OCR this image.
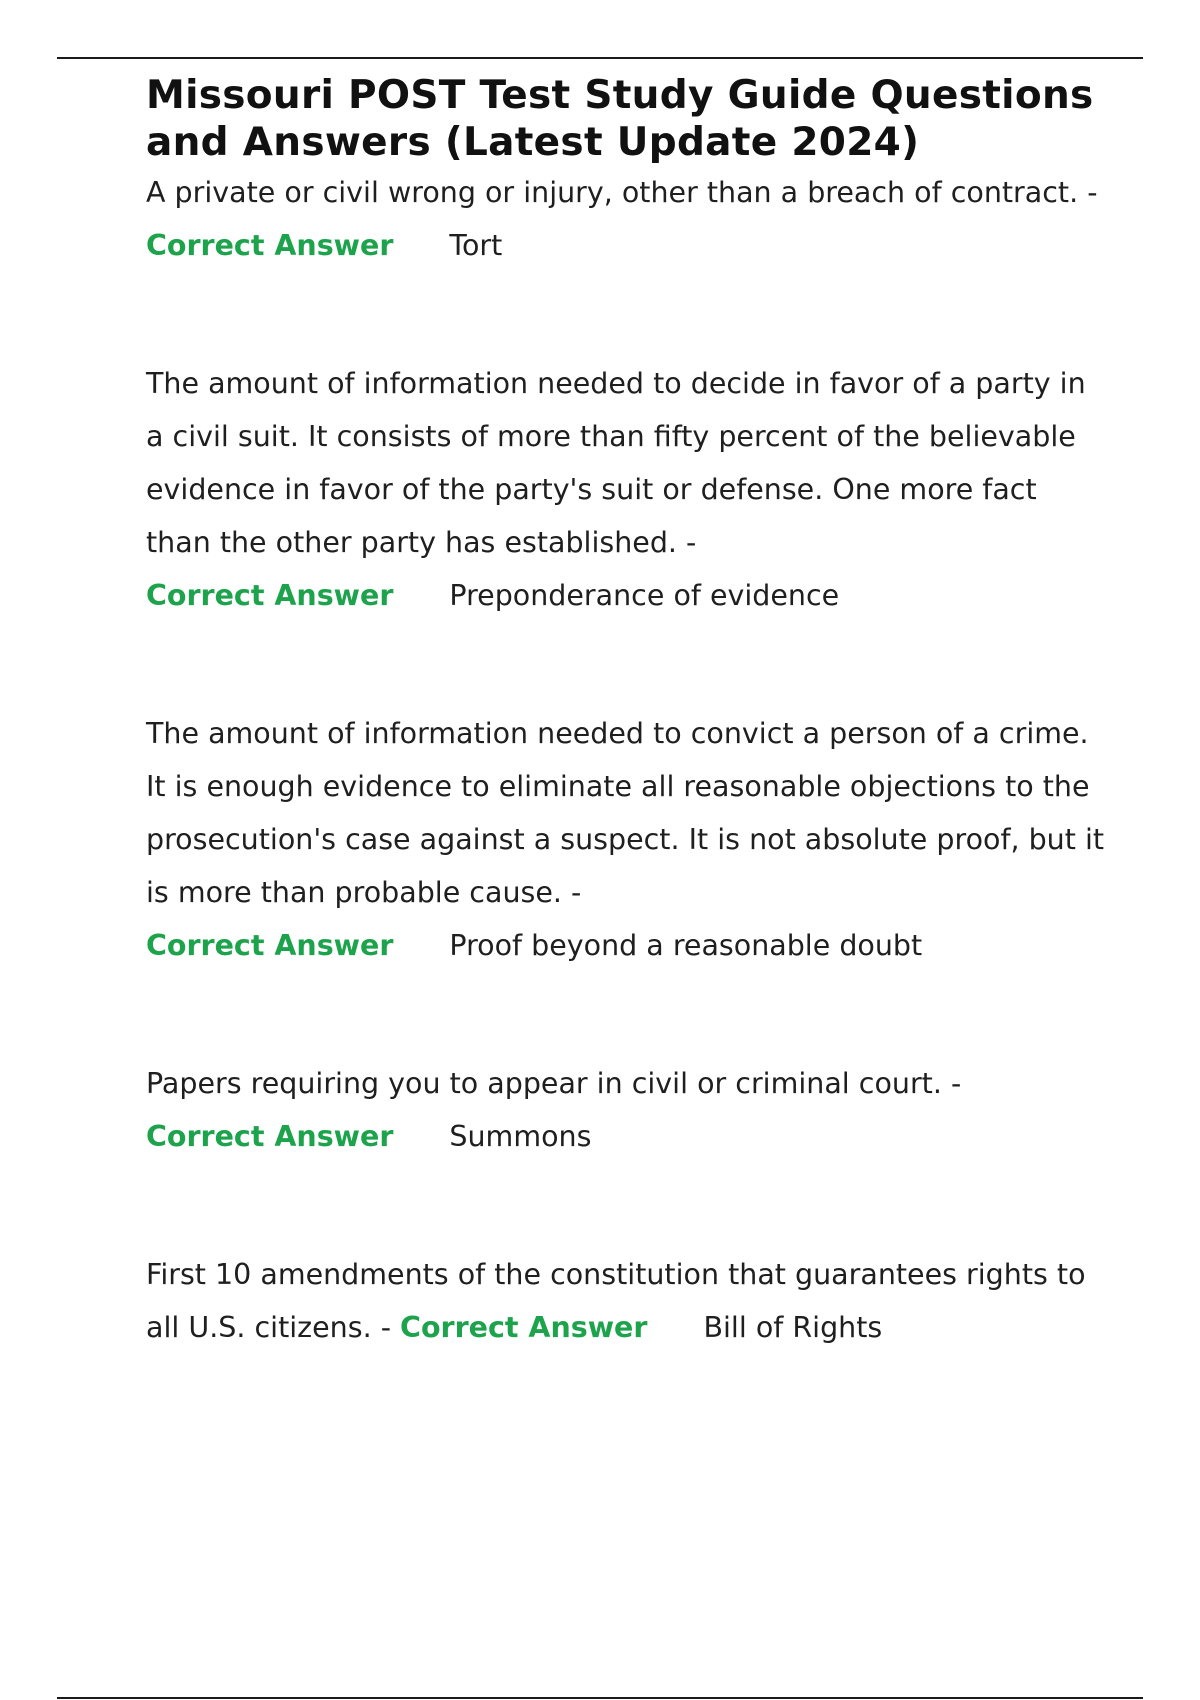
Missouri POST Test Study Guide Questions and Answers (Latest Update 2024)

A private or civil wrong or injury, other than a breach of contract. - Correct Answer Tort

The amount of information needed to decide in favor of a party in a civil suit. It consists of more than fifty percent of the believable evidence in favor of the party's suit or defense. One more fact than the other party has established. -
Correct Answer Preponderance of evidence

The amount of information needed to convict a person of a crime. It is enough evidence to eliminate all reasonable objections to the prosecution's case against a suspect. It is not absolute proof, but it is more than probable cause. -
Correct Answer Proof beyond a reasonable doubt

Papers requiring you to appear in civil or criminal court. -
Correct Answer Summons

First 10 amendments of the constitution that guarantees rights to all U.S. citizens. - Correct Answer Bill of Rights
